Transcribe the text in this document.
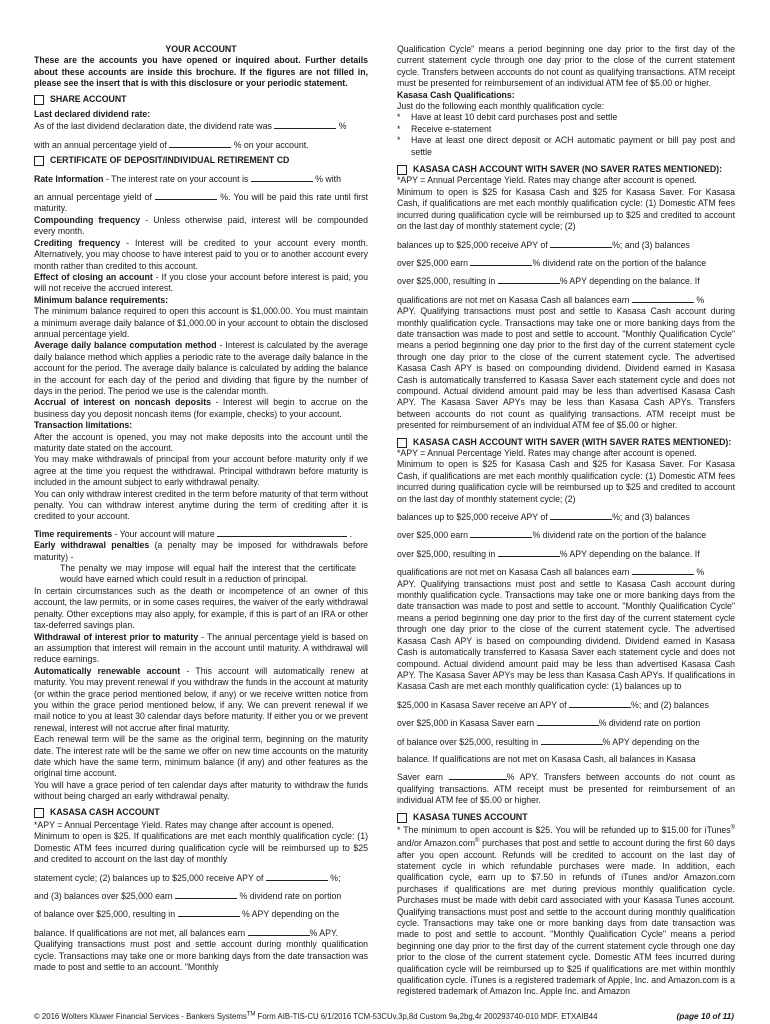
YOUR ACCOUNT

These are the accounts you have opened or inquired about. Further details about these accounts are inside this brochure. If the figures are not filled in, please see the insert that is with this disclosure or your periodic statement.

SHARE ACCOUNT

Last declared dividend rate:

As of the last dividend declaration date, the dividend rate was	%

with an annual percentage yield of	% on your account.

CERTIFICATE OF DEPOSIT/INDIVIDUAL RETIREMENT CD

Rate Information - The interest rate on your account is	% with

an annual percentage yield of	%. You will be paid this rate until first maturity.

Compounding frequency - Unless otherwise paid, interest will be compounded every month.

Crediting frequency - Interest will be credited to your account every month. Alternatively, you may choose to have interest paid to you or to another account every month rather than credited to this account.

Effect of closing an account - If you close your account before interest is paid, you will not receive the accrued interest.

Minimum balance requirements:

The minimum balance required to open this account is $1,000.00. You must maintain a minimum average daily balance of $1,000.00 in your account to obtain the disclosed annual percentage yield.

Average daily balance computation method - Interest is calculated by the average daily balance method which applies a periodic rate to the average daily balance in the account for the period. The average daily balance is calculated by adding the balance in the account for each day of the period and dividing that figure by the number of days in the period. The period we use is the calendar month.

Accrual of interest on noncash deposits - Interest will begin to accrue on the business day you deposit noncash items (for example, checks) to your account.

Transaction limitations:

After the account is opened, you may not make deposits into the account until the maturity date stated on the account.

You may make withdrawals of principal from your account before maturity only if we agree at the time you request the withdrawal. Principal withdrawn before maturity is included in the amount subject to early withdrawal penalty.

You can only withdraw interest credited in the term before maturity of that term without penalty. You can withdraw interest anytime during the term of crediting after it is credited to your account.

Time requirements - Your account will mature	.

Early withdrawal penalties (a penalty may be imposed for withdrawals before maturity) -

The penalty we may impose will equal half the interest that the certificate would have earned which could result in a reduction of principal.

In certain circumstances such as the death or incompetence of an owner of this account, the law permits, or in some cases requires, the waiver of the early withdrawal penalty. Other exceptions may also apply, for example, if this is part of an IRA or other tax-deferred savings plan.

Withdrawal of interest prior to maturity - The annual percentage yield is based on an assumption that interest will remain in the account until maturity. A withdrawal will reduce earnings.

Automatically renewable account - This account will automatically renew at maturity. You may prevent renewal if you withdraw the funds in the account at maturity (or within the grace period mentioned below, if any) or we receive written notice from you within the grace period mentioned below, if any. We can prevent renewal if we mail notice to you at least 30 calendar days before maturity. If either you or we prevent renewal, interest will not accrue after final maturity.

Each renewal term will be the same as the original term, beginning on the maturity date. The interest rate will be the same we offer on new time accounts on the maturity date which have the same term, minimum balance (if any) and other features as the original time account.

You will have a grace period of ten calendar days after maturity to withdraw the funds without being charged an early withdrawal penalty.

KASASA CASH ACCOUNT

*APY = Annual Percentage Yield. Rates may change after account is opened.

Minimum to open is $25. If qualifications are met each monthly qualification cycle: (1) Domestic ATM fees incurred during qualification cycle will be reimbursed up to $25 and credited to account on the last day of monthly

statement cycle; (2) balances up to $25,000 receive APY of	%;

and (3) balances over $25,000 earn	% dividend rate on portion

of balance over $25,000, resulting in	% APY depending on the

balance. If qualifications are not met, all balances earn	% APY.

Qualifying transactions must post and settle account during monthly qualification cycle. Transactions may take one or more banking days from the date transaction was made to post and settle to an account. "Monthly

Qualification Cycle" means a period beginning one day prior to the first day of the current statement cycle through one day prior to the close of the current statement cycle. Transfers between accounts do not count as qualifying transactions. ATM receipt must be presented for reimbursement of an individual ATM fee of $5.00 or higher.

Kasasa Cash Qualifications:

Just do the following each monthly qualification cycle:

*	Have at least 10 debit card purchases post and settle
*	Receive e-statement
*	Have at least one direct deposit or ACH automatic payment or bill pay post and settle
KASASA CASH ACCOUNT WITH SAVER (NO SAVER RATES MENTIONED):

*APY = Annual Percentage Yield. Rates may change after account is opened.

Minimum to open is $25 for Kasasa Cash and $25 for Kasasa Saver. For Kasasa Cash, if qualifications are met each monthly qualification cycle: (1) Domestic ATM fees incurred during qualification cycle will be reimbursed up to $25 and credited to account on the last day of monthly statement cycle; (2)

balances up to $25,000 receive APY of	%; and (3) balances

over $25,000 earn	% dividend rate on the portion of the balance

over $25,000, resulting in	% APY depending on the balance. If

qualifications are not met on Kasasa Cash all balances earn	%

APY. Qualifying transactions must post and settle to Kasasa Cash account during monthly qualification cycle. Transactions may take one or more banking days from the date transaction was made to post and settle to account. "Monthly Qualification Cycle" means a period beginning one day prior to the first day of the current statement cycle through one day prior to the close of the current statement cycle. The advertised Kasasa Cash APY is based on compounding dividend. Dividend earned in Kasasa Cash is automatically transferred to Kasasa Saver each statement cycle and does not compound. Actual dividend amount paid may be less than advertised Kasasa Cash APY. The Kasasa Saver APYs may be less than Kasasa Cash APYs. Transfers between accounts do not count as qualifying transactions. ATM receipt must be presented for reimbursement of an individual ATM fee of $5.00 or higher.

KASASA CASH ACCOUNT WITH SAVER (WITH SAVER RATES MENTIONED):

*APY = Annual Percentage Yield. Rates may change after account is opened.

Minimum to open is $25 for Kasasa Cash and $25 for Kasasa Saver. For Kasasa Cash, if qualifications are met each monthly qualification cycle: (1) Domestic ATM fees incurred during qualification cycle will be reimbursed up to $25 and credited to account on the last day of monthly statement cycle; (2)

balances up to $25,000 receive APY of	%; and (3) balances

over $25,000 earn	% dividend rate on the portion of the balance

over $25,000, resulting in	% APY depending on the balance. If

qualifications are not met on Kasasa Cash all balances earn	%

APY. Qualifying transactions must post and settle to Kasasa Cash account during monthly qualification cycle. Transactions may take one or more banking days from the date transaction was made to post and settle to account. "Monthly Qualification Cycle" means a period beginning one day prior to the first day of the current statement cycle through one day prior to the close of the current statement cycle. The advertised Kasasa Cash APY is based on compounding dividend. Dividend earned in Kasasa Cash is automatically transferred to Kasasa Saver each statement cycle and does not compound. Actual dividend amount paid may be less than advertised Kasasa Cash APY. The Kasasa Saver APYs may be less than Kasasa Cash APYs. If qualifications in Kasasa Cash are met each monthly qualification cycle: (1) balances up to

$25,000 in Kasasa Saver receive an APY of	%; and (2) balances

over $25,000 in Kasasa Saver earn	% dividend rate on portion

of balance over $25,000, resulting in	% APY depending on the

balance. If qualifications are not met on Kasasa Cash, all balances in Kasasa

Saver earn	% APY. Transfers between accounts do not count as qualifying transactions. ATM receipt must be presented for reimbursement of an individual ATM fee of $5.00 or higher.

KASASA TUNES ACCOUNT

* The minimum to open account is $25. You will be refunded up to $15.00 for iTunes® and/or Amazon.com® purchases that post and settle to account during the first 60 days after you open account. Refunds will be credited to account on the last day of statement cycle in which refundable purchases were made. In addition, each qualification cycle, earn up to $7.50 in refunds of iTunes and/or Amazon.com purchases if qualifications are met during previous monthly qualification cycle. Purchases must be made with debit card associated with your Kasasa Tunes account. Qualifying transactions must post and settle to the account during monthly qualification cycle. Transactions may take one or more banking days from date transaction was made to post and settle to account. "Monthly Qualification Cycle" means a period beginning one day prior to the first day of the current statement cycle through one day prior to the close of the current statement cycle. Domestic ATM fees incurred during qualification cycle will be reimbursed up to $25 if qualifications are met within monthly qualification cycle. iTunes is a registered trademark of Apple, Inc. and Amazon.com is a registered trademark of Amazon Inc. Apple Inc. and Amazon

© 2016 Wolters Kluwer Financial Services - Bankers Systems™ Form AIB-TIS-CU 6/1/2016 TCM-53CUv,3p,8d Custom 9a,2bg,4r 200293740-010 MDF. ETXAIB44	(page 10 of 11)
